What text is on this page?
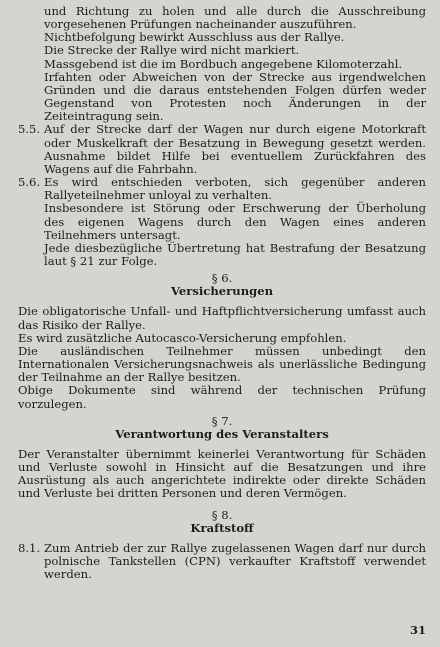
und Richtung zu holen und alle durch die Ausschreibung vorgesehenen Prüfungen nacheinander auszuführen.

Nichtbefolgung bewirkt Ausschluss aus der Rallye.

Die Strecke der Rallye wird nicht markiert.

Massgebend ist die im Bordbuch angegebene Kilomoterzahl.

Irfahten oder Abweichen von der Strecke aus irgendwelchen Gründen und die daraus entstehenden Folgen dürfen weder Gegenstand von Protesten noch Änderungen in der Zeiteintragung sein.

5.5. Auf der Strecke darf der Wagen nur durch eigene Motorkraft oder Muskelkraft der Besatzung in Bewegung gesetzt werden. Ausnahme bildet Hilfe bei eventuellem Zurückfahren des Wagens auf die Fahrbahn.

5.6. Es wird entschieden verboten, sich gegenüber anderen Rallyeteilnehmer unloyal zu verhalten.

Insbesondere ist Störung oder Erschwerung der Überholung des eigenen Wagens durch den Wagen eines anderen Teilnehmers untersagt.

Jede diesbezügliche Übertretung hat Bestrafung der Besatzung laut § 21 zur Folge.

§ 6.

Versicherungen

Die obligatorische Unfall- und Haftpflichtversicherung umfasst auch das Risiko der Rallye.

Es wird zusätzliche Autocasco-Versicherung empfohlen.

Die ausländischen Teilnehmer müssen unbedingt den Internationalen Versicherungsnachweis als unerlässliche Bedingung der Teilnahme an der Rallye besitzen.

Obige Dokumente sind während der technischen Prüfung vorzulegen.

§ 7.

Verantwortung des Veranstalters

Der Veranstalter übernimmt keinerlei Verantwortung für Schäden und Verluste sowohl in Hinsicht auf die Besatzungen und ihre Ausrüstung als auch angerichtete indirekte oder direkte Schäden und Verluste bei dritten Personen und deren Vermögen.

§ 8.

Kraftstoff

8.1. Zum Antrieb der zur Rallye zugelassenen Wagen darf nur durch polnische Tankstellen (CPN) verkaufter Kraftstoff verwendet werden.

31
